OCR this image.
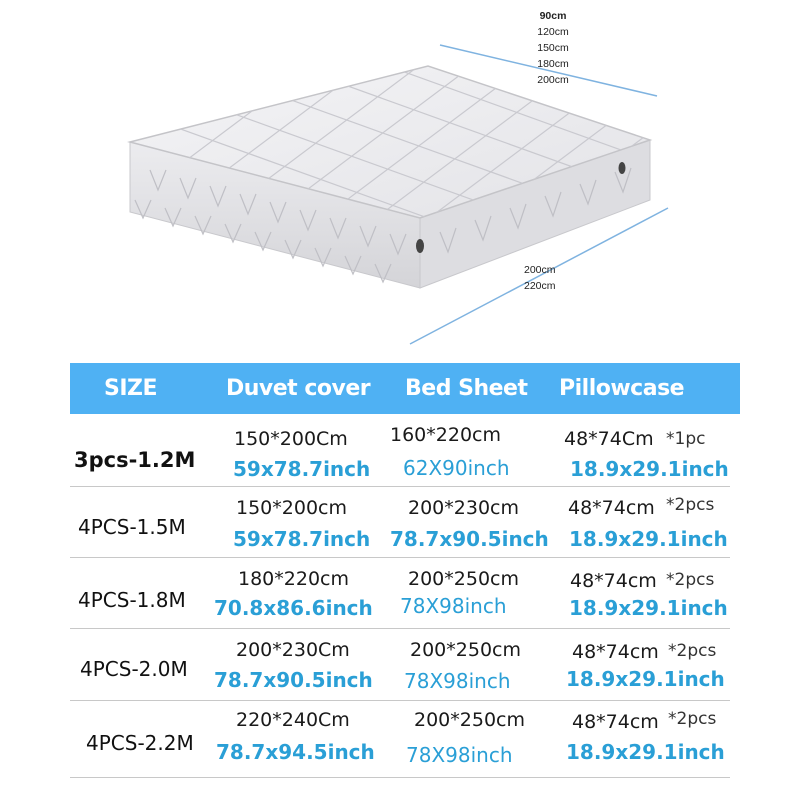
90cm
120cm
150cm
180cm
200cm
200cm
220cm
SIZE	Duvet cover Bed Sheet Pillowcase
3pcs-1.2M
150*200Cm
59x78.7inch
160*220cm
62X90inch
48*74Cm *1pc
18.9x29.1inch
4PCS-1.5M
150*200cm
59x78.7inch
200*230cm
78.7x90.5inch
48*74cm *2pcs
18.9x29.1inch
4PCS-1.8M
180*220cm
70.8x86.6inch
200*250cm
78X98inch
48*74cm *2pcs
18.9x29.1inch
4PCS-2.0M
200*230Cm
78.7x90.5inch
200*250cm
78X98inch
48*74cm *2pcs
18.9x29.1inch
4PCS-2.2M
220*240Cm
78.7x94.5inch
200*250cm
78X98inch
48*74cm *2pcs
18.9x29.1inch
